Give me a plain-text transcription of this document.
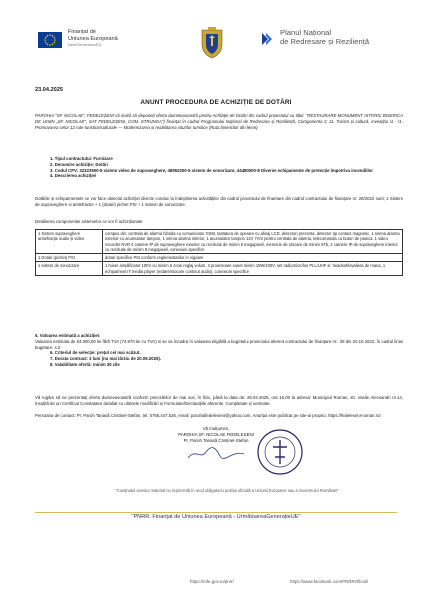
Finanțat de
Uniunea Europeană
NextGenerationEU
Planul Național
de Redresare și Reziliență
23.04.2025
ANUNT PROCEDURA DE ACHIZIȚIE DE DOTĂRI
PAROHIA "SF. NICOLAE", FEDELEȘENI vă invită să depuneți oferta dumneavoastră pentru Achiziție de Dotări din cadrul proiectului cu titlul: "RESTAURARE MONUMENT ISTORIC BISERICA DE LEMN „SF. NICOLAE", SAT FEDELEȘENI, COM. STRUNGA") finanțat în cadrul Programului Național de Redresare și Reziliență, Componenta C 11. Turism și cultură, investiția I1 - I1- Promovarea celor 12 rute turistice/culturale — Modernizarea și reabilitarea siturilor turistice (Ruta bisericilor din lemn).
1. Tipul contractului: Furnizare
2. Denumire achiziție: Dotări
3. Codul CPV: 32323500-8 sistem video de supraveghere, 48952000-6 sistem de sonorizare, 44480000-8 Diverse echipamente de protecție împotriva incendiilor
4. Descrierea achiziției
Dotările și echipamentele ce vor face obiectul achiziției directe conduc la îndeplinirea activităților din cadrul proiectului de finantare din cadrul contractului de finanțare nr. 29/2022 sunt; 1 Sistem de supraveghere si antiefractie + 1 (dotari) pichet PSI + 1 sistem de sonorizare.
Detalierea componentei sistemelor ce vor fi achiziționate
1 Sistem supraveghere antiefracție audio și video	compus din: centrala de alarma hibrida cu comunicator GSM, tastatura de operare cu afisaj LCD, detectori prezenta, detector tip contact magnetic, 1 sirena alarma exterior cu acumulator tampon, 1 sirena alarma interior, 1 acumulator tampon 12V 7Ahr pentru centrala de alarma, telecomanda cu buton de panica. 1 video recorder NVR 4 camere IP de supraveghere exterior cu rezolutie de minim 8 megapixeli, memorie de stocare de minim 6Tb, 2 camere IP de supraveghere interior cu rezolutie de minim 8 megapixeli, conexiuni specifice
1 Dotari (pichet) PSI	dotari specifice PSI conform reglementarilor in vigoare
1 sistem de sonorizare	1 mixer amplificator 100V cu minim 5 zone reglaj volum, 3 proiectoare sunet minim 10W/100V, set radiomicrofon PLL/UHF si: headset/lavaliera de mana, 1 echipament IT media player (redare/stocare continut audio), conexiuni specifice
5. Valoarea estimată a achiziției:
Valoarea estimata de 63.000,00 lei fără TVA (74.970 lei cu TVA) si se va încadra în valoarea eligibilă a bugetului proiectului aferent contractului de finanțare nr.: 29 din 20.10.2022, în cadrul liniei bugetare: 4.2
6. Criteriul de selecție: prețul cel mai scăzut.
7. Durata contract: 3 luni (nu mai târziu de 20.09.2025).
8. Valabilitate ofertă: minim 30 zile
Vă rugăm să ne prezentați oferta dumneavoastră conform precizărilor de mai sus, în fizic, până la data de: 25.04.2025, ora 16,00 la adresa: Municipiul Roman, str. Vasile Alecsandri nr.14, însoțită de un Certificat Constatator detaliat cu ultimele modificări și Formulare/Declarațiile aferente. Completate și semnate.
Persoana de contact: Pr. Paroh Tanasă Cristinel-Stefan, tel. 0766.447.526, email: parohiafedelesenI@yahoo.com. Anunțul este publicat pe site-ul propriu: https://fedelesenI-roman.ro/.
Vă mulțumim,
PAROHIA SF. NICOLAE FEDELEȘENI
Pr. Paroh Tanasă Cristinel-Stefan
"Conținutul acestui material nu reprezintă în mod obligatoriu poziția oficială a Uniunii Europene sau a Guvernului României"
"PNRR. Finanțat de Uniunea Europeană - UrmătoareaGenerațieUE"
https://mfe.gov.ro/pnrr/	https://www.facebook.com/PNRROficial/
